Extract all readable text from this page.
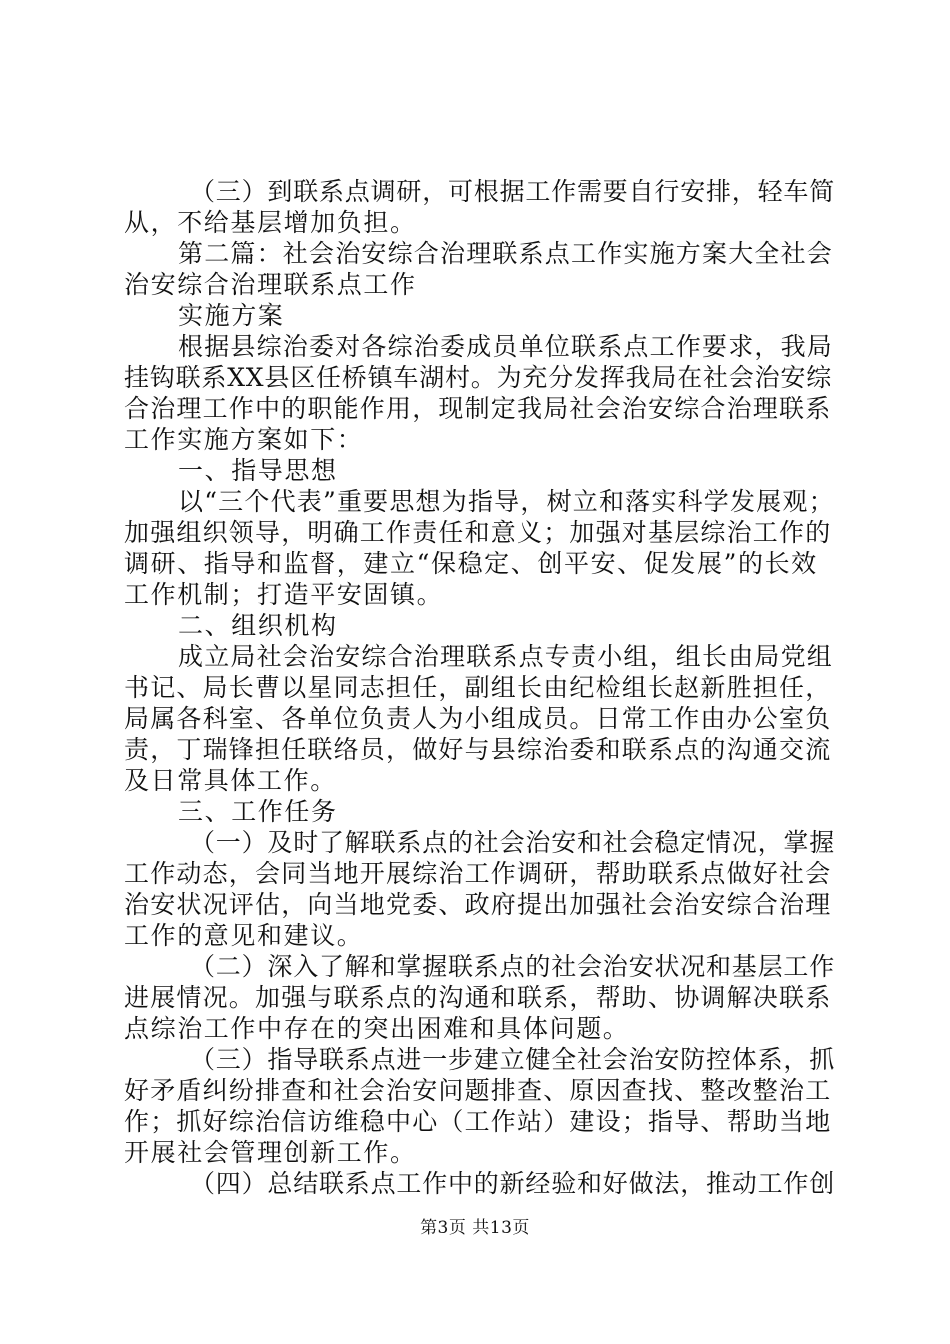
（三）到联系点调研，可根据工作需要自行安排，轻车简
从，不给基层增加负担。
第二篇：社会治安综合治理联系点工作实施方案大全社会
治安综合治理联系点工作
实施方案
根据县综治委对各综治委成员单位联系点工作要求，我局
挂钩联系XX县区任桥镇车湖村。为充分发挥我局在社会治安综
合治理工作中的职能作用，现制定我局社会治安综合治理联系
工作实施方案如下：
一、指导思想
以“三个代表”重要思想为指导，树立和落实科学发展观；
加强组织领导，明确工作责任和意义；加强对基层综治工作的
调研、指导和监督，建立“保稳定、创平安、促发展”的长效
工作机制；打造平安固镇。
二、组织机构
成立局社会治安综合治理联系点专责小组，组长由局党组
书记、局长曹以星同志担任，副组长由纪检组长赵新胜担任，
局属各科室、各单位负责人为小组成员。日常工作由办公室负
责，丁瑞锋担任联络员，做好与县综治委和联系点的沟通交流
及日常具体工作。
三、工作任务
（一）及时了解联系点的社会治安和社会稳定情况，掌握
工作动态，会同当地开展综治工作调研，帮助联系点做好社会
治安状况评估，向当地党委、政府提出加强社会治安综合治理
工作的意见和建议。
（二）深入了解和掌握联系点的社会治安状况和基层工作
进展情况。加强与联系点的沟通和联系，帮助、协调解决联系
点综治工作中存在的突出困难和具体问题。
（三）指导联系点进一步建立健全社会治安防控体系，抓
好矛盾纠纷排查和社会治安问题排查、原因查找、整改整治工
作；抓好综治信访维稳中心（工作站）建设；指导、帮助当地
开展社会管理创新工作。
（四）总结联系点工作中的新经验和好做法，推动工作创
第3页 共13页
